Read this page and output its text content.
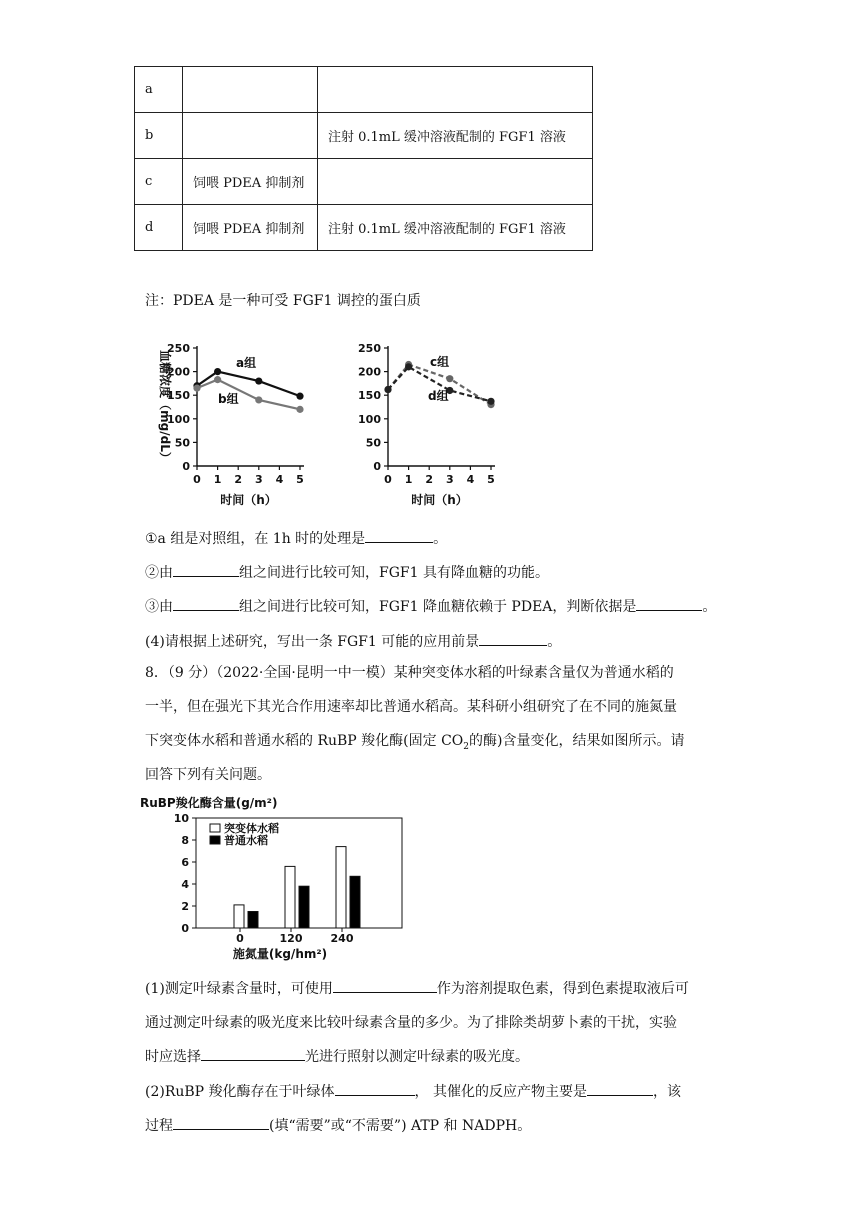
a		
b		注射 0.1mL 缓冲溶液配制的 FGF1 溶液
c	饲喂 PDEA 抑制剂	
d	饲喂 PDEA 抑制剂	注射 0.1mL 缓冲溶液配制的 FGF1 溶液
注：PDEA 是一种可受 FGF1 调控的蛋白质
0
50
100
150
200
250
0 1 2 3 4 5
时间（h）
血糖浓度（mg/dL）	a组
b组
0
50
100
150
200
250
0 1 2 3 4 5
时间（h）
c组
d组
①a 组是对照组，在 1h 时的处理是	。
②由	组之间进行比较可知，FGF1 具有降血糖的功能。
③由	组之间进行比较可知，FGF1 降血糖依赖于 PDEA，判断依据是	。
(4)请根据上述研究，写出一条 FGF1 可能的应用前景	。
8．（9 分）（2022·全国·昆明一中一模）某种突变体水稻的叶绿素含量仅为普通水稻的
一半，但在强光下其光合作用速率却比普通水稻高。某科研小组研究了在不同的施氮量
下突变体水稻和普通水稻的 RuBP 羧化酶(固定 $CO_2$的酶)含量变化，结果如图所示。请
回答下列有关问题。
RuBP羧化酶含量(g/m²)
0
2
4
6
8
10
0	120	240
施氮量(kg/hm²)
突变体水稻
普通水稻
(1)测定叶绿素含量时，可使用	作为溶剂提取色素，得到色素提取液后可
通过测定叶绿素的吸光度来比较叶绿素含量的多少。为了排除类胡萝卜素的干扰，实验
时应选择	光进行照射以测定叶绿素的吸光度。
(2)RuBP 羧化酶存在于叶绿体	， 其催化的反应产物主要是	，该
过程	(填“需要”或“不需要”) ATP 和 NADPH。
